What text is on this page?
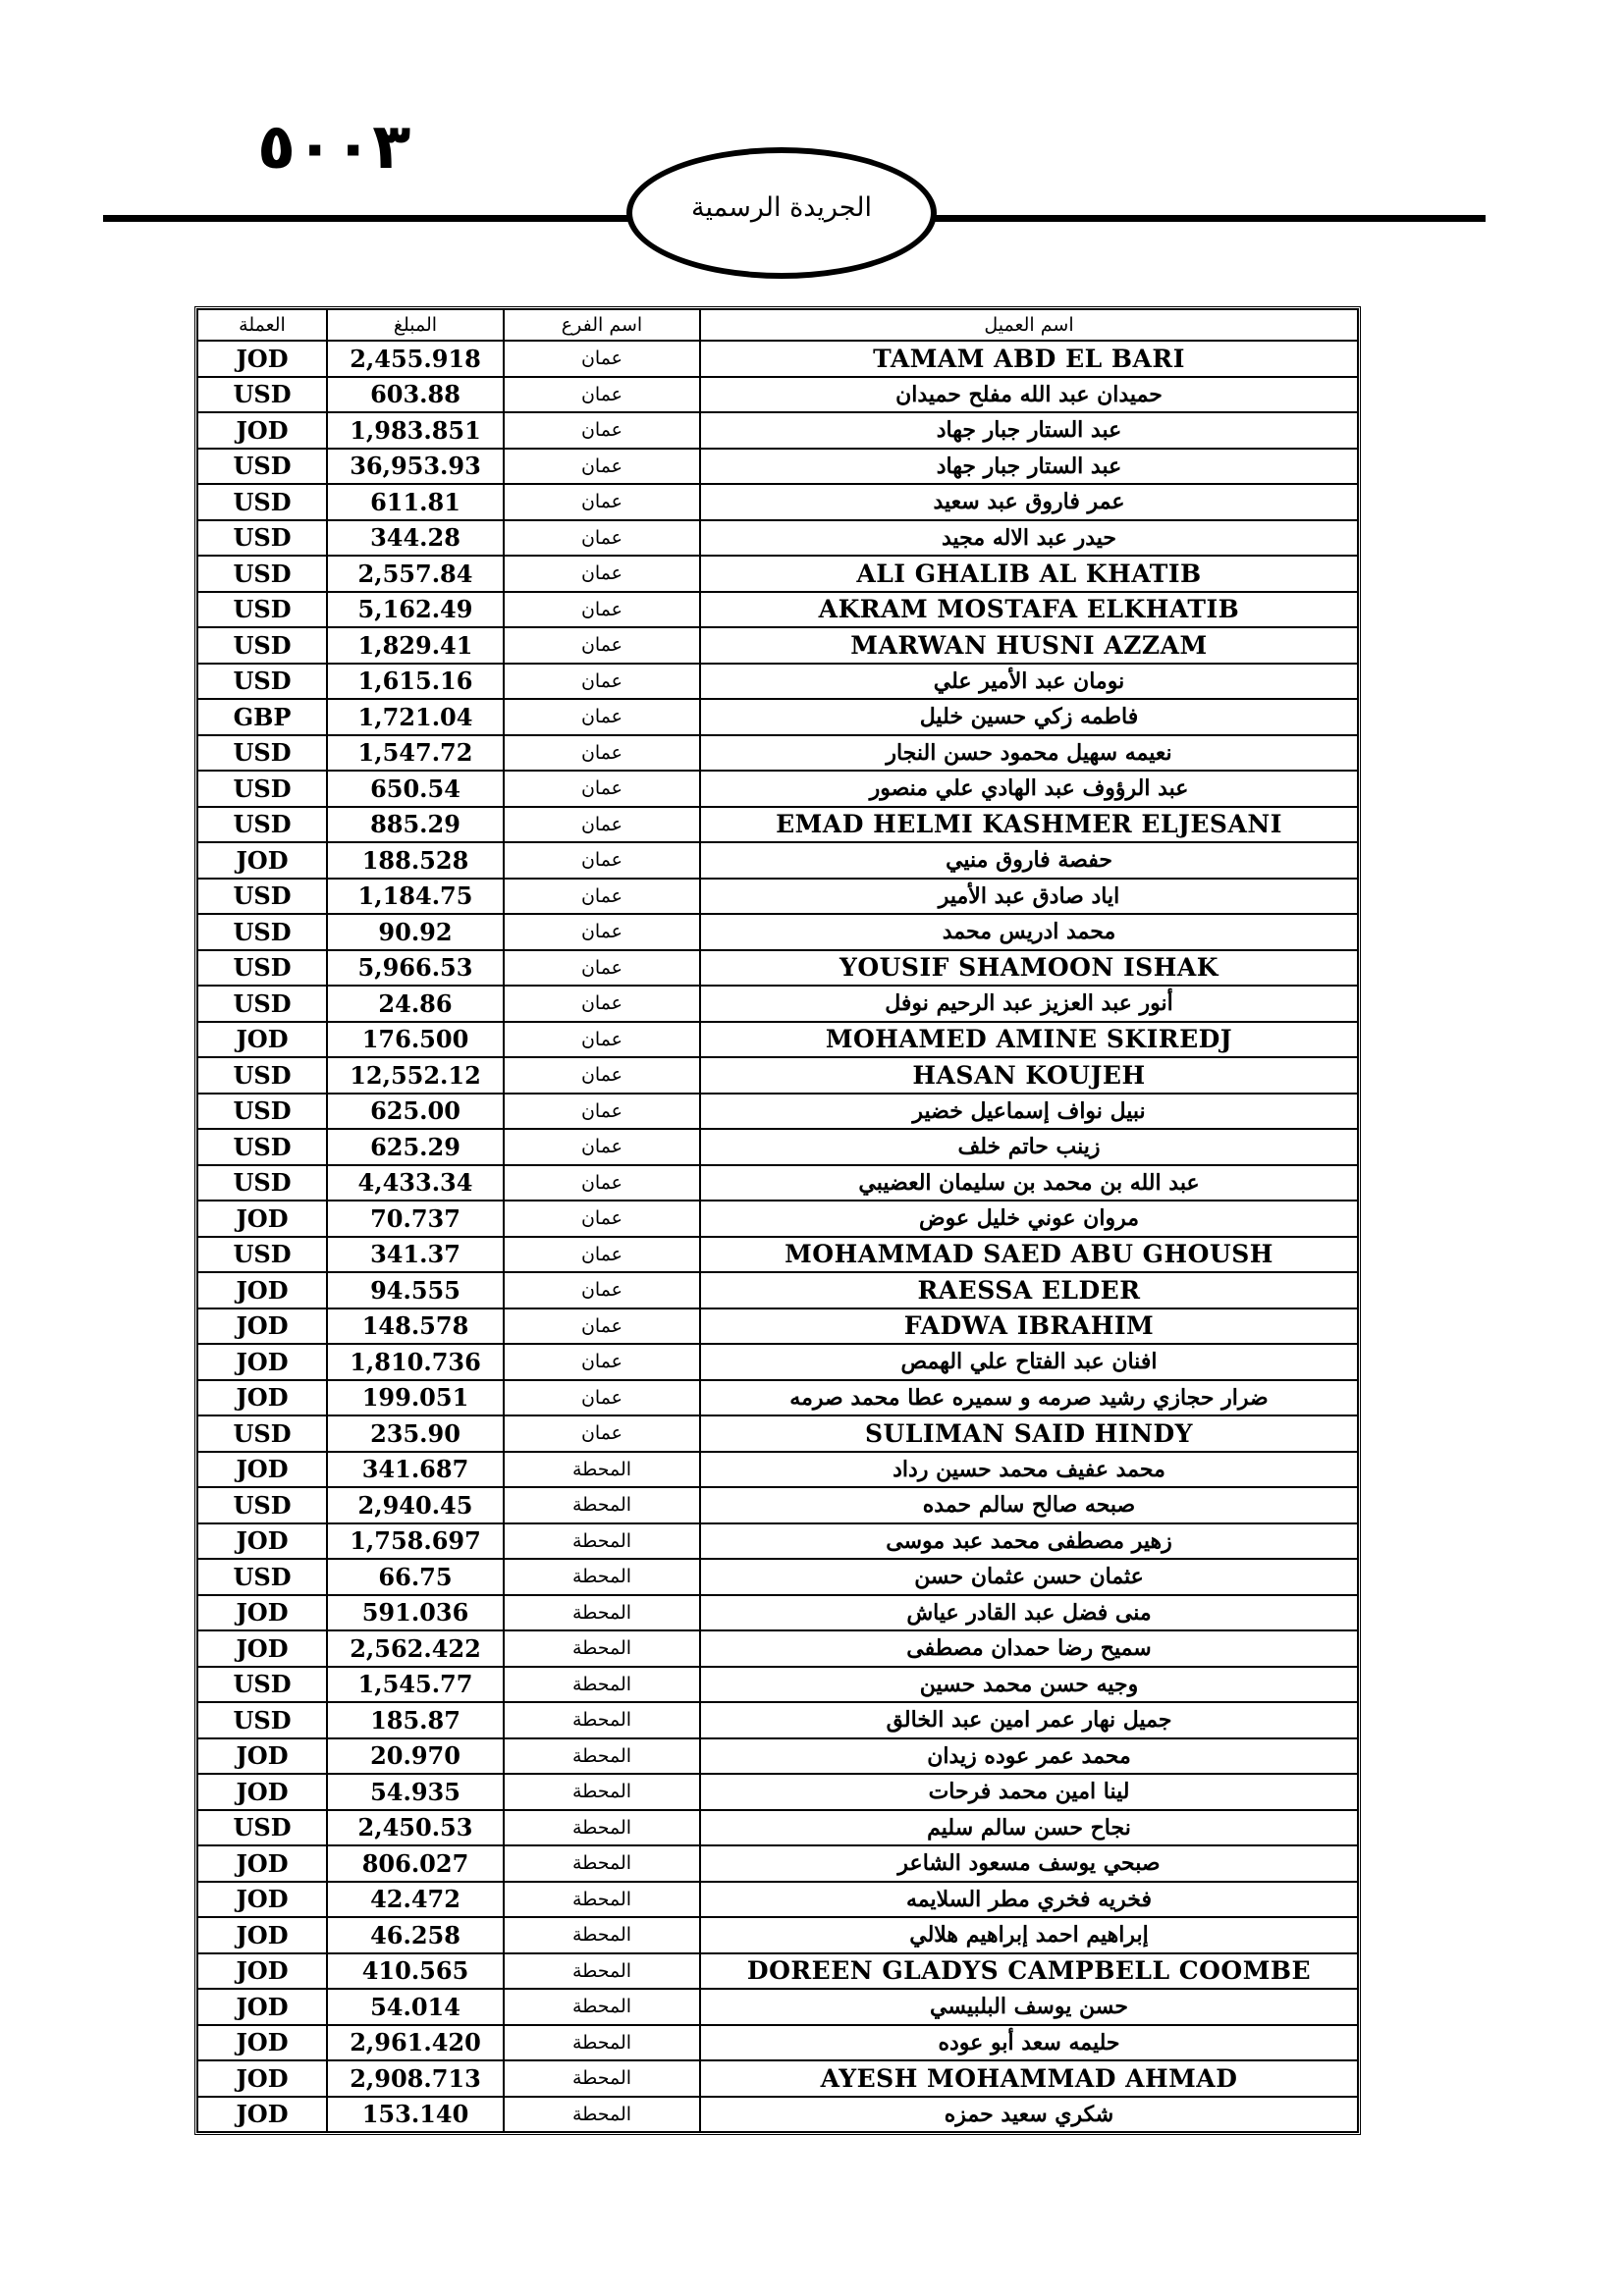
٥٠٠٣
الجريدة الرسمية
اسم العميل	اسم الفرع	المبلغ	العملة
TAMAM ABD EL BARI	عمان	2,455.918	JOD
حميدان عبد الله مفلح حميدان	عمان	603.88	USD
عبد الستار جبار جهاد	عمان	1,983.851	JOD
عبد الستار جبار جهاد	عمان	36,953.93	USD
عمر فاروق عبد سعيد	عمان	611.81	USD
حيدر عبد الاله مجيد	عمان	344.28	USD
ALI GHALIB AL KHATIB	عمان	2,557.84	USD
AKRAM MOSTAFA ELKHATIB	عمان	5,162.49	USD
MARWAN HUSNI AZZAM	عمان	1,829.41	USD
نومان عبد الأمير علي	عمان	1,615.16	USD
فاطمه زكي حسين خليل	عمان	1,721.04	GBP
نعيمه سهيل محمود حسن النجار	عمان	1,547.72	USD
عبد الرؤوف عبد الهادي علي منصور	عمان	650.54	USD
EMAD HELMI KASHMER ELJESANI	عمان	885.29	USD
حفصة فاروق منيي	عمان	188.528	JOD
اياد صادق عبد الأمير	عمان	1,184.75	USD
محمد ادريس محمد	عمان	90.92	USD
YOUSIF SHAMOON ISHAK	عمان	5,966.53	USD
أنور عبد العزيز عبد الرحيم نوفل	عمان	24.86	USD
MOHAMED AMINE SKIREDJ	عمان	176.500	JOD
HASAN KOUJEH	عمان	12,552.12	USD
نبيل نواف إسماعيل خضير	عمان	625.00	USD
زينب حاتم خلف	عمان	625.29	USD
عبد الله بن محمد بن سليمان العضيبي	عمان	4,433.34	USD
مروان عوني خليل عوض	عمان	70.737	JOD
MOHAMMAD SAED ABU GHOUSH	عمان	341.37	USD
RAESSA ELDER	عمان	94.555	JOD
FADWA IBRAHIM	عمان	148.578	JOD
افنان عبد الفتاح علي الهمص	عمان	1,810.736	JOD
ضرار حجازي رشيد صرمه و سميره عطا محمد صرمه	عمان	199.051	JOD
SULIMAN SAID HINDY	عمان	235.90	USD
محمد عفيف محمد حسين رداد	المحطة	341.687	JOD
صبحه صالح سالم حمده	المحطة	2,940.45	USD
زهير مصطفى محمد عبد موسى	المحطة	1,758.697	JOD
عثمان حسن عثمان حسن	المحطة	66.75	USD
منى فضل عبد القادر عياش	المحطة	591.036	JOD
سميح رضا حمدان مصطفى	المحطة	2,562.422	JOD
وجيه حسن محمد حسين	المحطة	1,545.77	USD
جميل نهار عمر امين عبد الخالق	المحطة	185.87	USD
محمد عمر عوده زيدان	المحطة	20.970	JOD
لينا امين محمد فرحات	المحطة	54.935	JOD
نجاح حسن سالم سليم	المحطة	2,450.53	USD
صبحي يوسف مسعود الشاعر	المحطة	806.027	JOD
فخريه فخري مطر السلايمه	المحطة	42.472	JOD
إبراهيم احمد إبراهيم هلالي	المحطة	46.258	JOD
DOREEN GLADYS CAMPBELL COOMBE	المحطة	410.565	JOD
حسن يوسف البلبيسي	المحطة	54.014	JOD
حليمه سعد أبو عوده	المحطة	2,961.420	JOD
AYESH MOHAMMAD AHMAD	المحطة	2,908.713	JOD
شكري سعيد حمزه	المحطة	153.140	JOD
